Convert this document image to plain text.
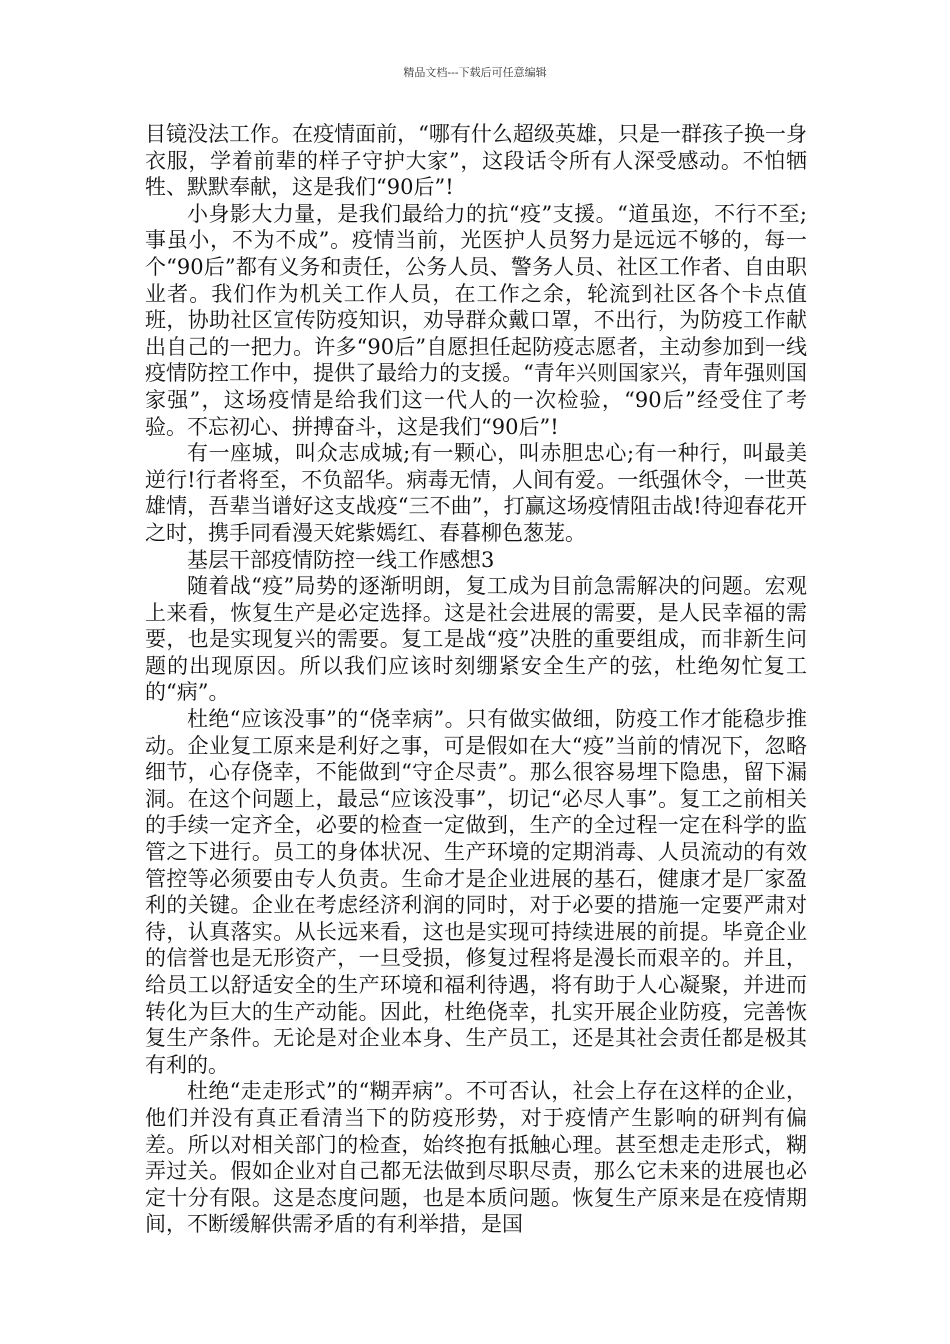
精品文档---下载后可任意编辑

目镜没法工作。在疫情面前，“哪有什么超级英雄，只是一群孩子换一身衣服，学着前辈的样子守护大家”，这段话令所有人深受感动。不怕牺牲、默默奉献，这是我们“90后”!

小身影大力量，是我们最给力的抗“疫”支援。“道虽迩，不行不至;事虽小，不为不成”。疫情当前，光医护人员努力是远远不够的，每一个“90后”都有义务和责任，公务人员、警务人员、社区工作者、自由职业者。我们作为机关工作人员，在工作之余，轮流到社区各个卡点值班，协助社区宣传防疫知识，劝导群众戴口罩，不出行，为防疫工作献出自己的一把力。许多“90后”自愿担任起防疫志愿者，主动参加到一线疫情防控工作中，提供了最给力的支援。“青年兴则国家兴，青年强则国家强”，这场疫情是给我们这一代人的一次检验，“90后”经受住了考验。不忘初心、拼搏奋斗，这是我们“90后”!

有一座城，叫众志成城;有一颗心，叫赤胆忠心;有一种行，叫最美逆行!行者将至，不负韶华。病毒无情，人间有爱。一纸强休令，一世英雄情，吾辈当谱好这支战疫“三不曲”，打赢这场疫情阻击战!待迎春花开之时，携手同看漫天姹紫嫣红、春暮柳色葱茏。

基层干部疫情防控一线工作感想3

随着战“疫”局势的逐渐明朗，复工成为目前急需解决的问题。宏观上来看，恢复生产是必定选择。这是社会进展的需要，是人民幸福的需要，也是实现复兴的需要。复工是战“疫”决胜的重要组成，而非新生问题的出现原因。所以我们应该时刻绷紧安全生产的弦，杜绝匆忙复工的“病”。

杜绝“应该没事”的“侥幸病”。只有做实做细，防疫工作才能稳步推动。企业复工原来是利好之事，可是假如在大“疫”当前的情况下，忽略细节，心存侥幸，不能做到“守企尽责”。那么很容易埋下隐患，留下漏洞。在这个问题上，最忌“应该没事”，切记“必尽人事”。复工之前相关的手续一定齐全，必要的检查一定做到，生产的全过程一定在科学的监管之下进行。员工的身体状况、生产环境的定期消毒、人员流动的有效管控等必须要由专人负责。生命才是企业进展的基石，健康才是厂家盈利的关键。企业在考虑经济利润的同时，对于必要的措施一定要严肃对待，认真落实。从长远来看，这也是实现可持续进展的前提。毕竟企业的信誉也是无形资产，一旦受损，修复过程将是漫长而艰辛的。并且，给员工以舒适安全的生产环境和福利待遇，将有助于人心凝聚，并进而转化为巨大的生产动能。因此，杜绝侥幸，扎实开展企业防疫，完善恢复生产条件。无论是对企业本身、生产员工，还是其社会责任都是极其有利的。

杜绝“走走形式”的“糊弄病”。不可否认，社会上存在这样的企业，他们并没有真正看清当下的防疫形势，对于疫情产生影响的研判有偏差。所以对相关部门的检查，始终抱有抵触心理。甚至想走走形式，糊弄过关。假如企业对自己都无法做到尽职尽责，那么它未来的进展也必定十分有限。这是态度问题，也是本质问题。恢复生产原来是在疫情期间，不断缓解供需矛盾的有利举措，是国
